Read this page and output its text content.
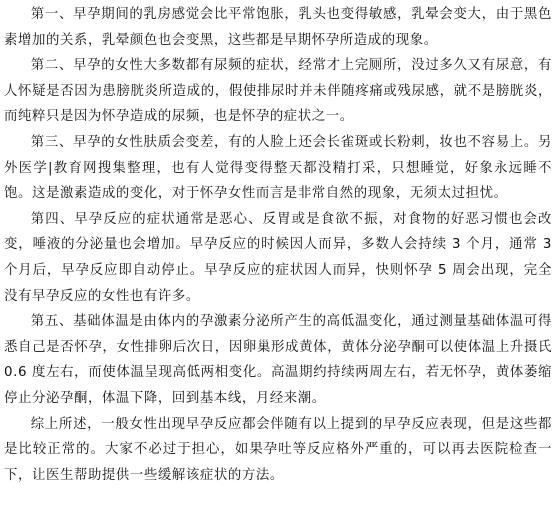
第一、早孕期间的乳房感觉会比平常饱胀，乳头也变得敏感，乳晕会变大，由于黑色素增加的关系，乳晕颜色也会变黑，这些都是早期怀孕所造成的现象。

第二、早孕的女性大多数都有尿频的症状，经常才上完厕所，没过多久又有尿意，有人怀疑是否因为患膀胱炎所造成的，假使排尿时并未伴随疼痛或残尿感，就不是膀胱炎，而纯粹只是因为怀孕造成的尿频，也是怀孕的症状之一。

第三、早孕的女性肤质会变差，有的人脸上还会长雀斑或长粉刺，妆也不容易上。另外医学|教育网搜集整理，也有人觉得变得整天都没精打采，只想睡觉，好象永远睡不饱。这是激素造成的变化，对于怀孕女性而言是非常自然的现象，无须太过担忧。

第四、早孕反应的症状通常是恶心、反胃或是食欲不振，对食物的好恶习惯也会改变，唾液的分泌量也会增加。早孕反应的时候因人而异，多数人会持续 3 个月，通常 3 个月后，早孕反应即自动停止。早孕反应的症状因人而异，快则怀孕 5 周会出现，完全没有早孕反应的女性也有许多。

第五、基础体温是由体内的孕激素分泌所产生的高低温变化，通过测量基础体温可得悉自己是否怀孕，女性排卵后次日，因卵巢形成黄体，黄体分泌孕酮可以使体温上升摄氏 0.6 度左右，而使体温呈现高低两相变化。高温期约持续两周左右，若无怀孕，黄体萎缩停止分泌孕酮，体温下降，回到基本线，月经来潮。

综上所述，一般女性出现早孕反应都会伴随有以上提到的早孕反应表现，但是这些都是比较正常的。大家不必过于担心，如果孕吐等反应格外严重的，可以再去医院检查一下，让医生帮助提供一些缓解该症状的方法。
